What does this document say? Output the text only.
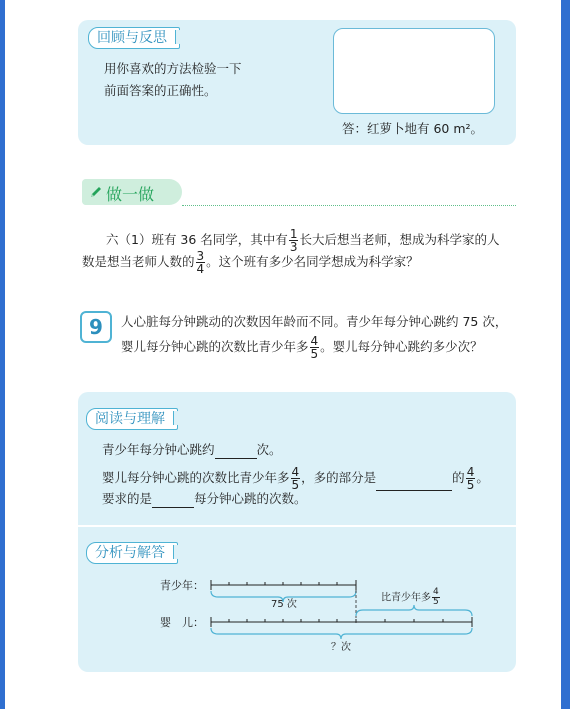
回顾与反思
用你喜欢的方法检验一下
前面答案的正确性。
答：红萝卜地有 60 m²。
做一做
六（1）班有 36 名同学，其中有 $\frac{1}{3}$ 长大后想当老师，想成为科学家的人
数是想当老师人数的 $\frac{3}{4}$ 。这个班有多少名同学想成为科学家？
9	人心脏每分钟跳动的次数因年龄而不同。青少年每分钟心跳约 75 次，
婴儿每分钟心跳的次数比青少年多 $\frac{4}{5}$ 。婴儿每分钟心跳约多少次？
阅读与理解
青少年每分钟心跳约	次。
婴儿每分钟心跳的次数比青少年多 $\frac{4}{5}$ ，多的部分是	的 $\frac{4}{5}$ 。
要求的是	每分钟心跳的次数。
分析与解答
青少年：
婴　儿：
75 次
比青少年多 $\frac{4}{5}$
？次
